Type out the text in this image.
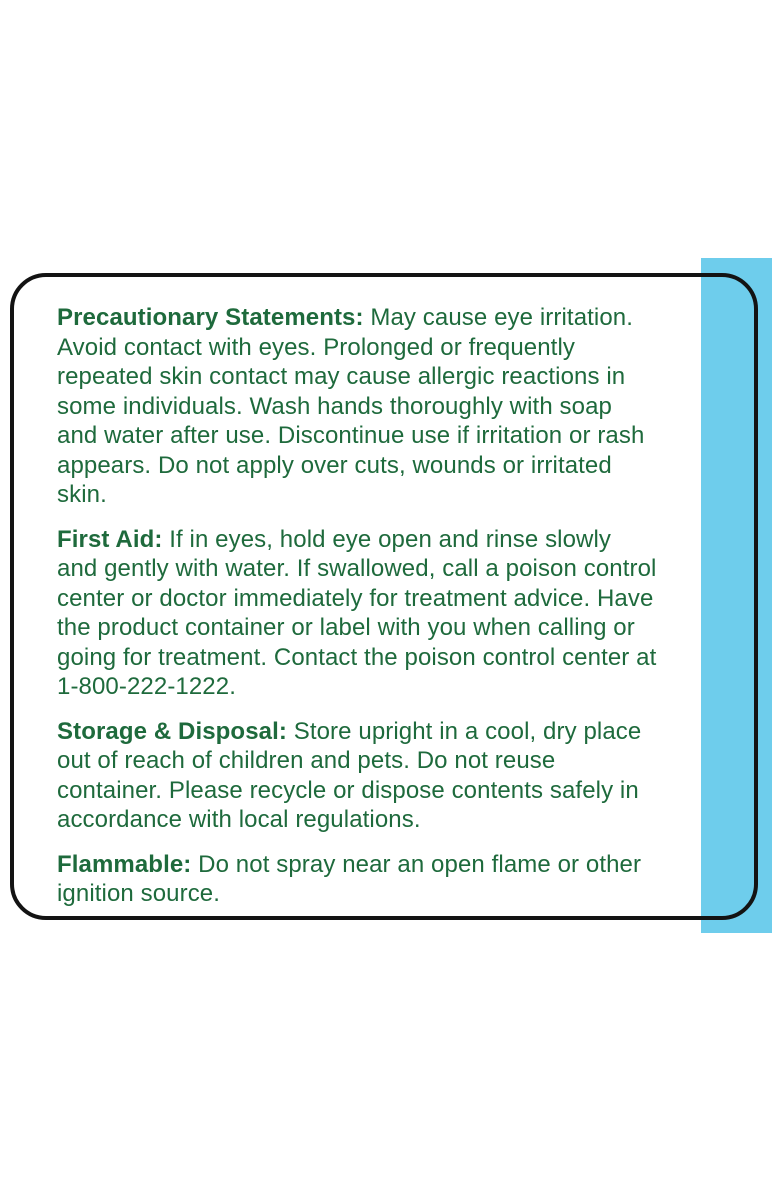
Precautionary Statements: May cause eye irritation. Avoid contact with eyes. Prolonged or frequently repeated skin contact may cause allergic reactions in some individuals. Wash hands thoroughly with soap and water after use. Discontinue use if irritation or rash appears. Do not apply over cuts, wounds or irritated skin.

First Aid: If in eyes, hold eye open and rinse slowly and gently with water. If swallowed, call a poison control center or doctor immediately for treatment advice. Have the product container or label with you when calling or going for treatment. Contact the poison control center at 1-800-222-1222.

Storage & Disposal: Store upright in a cool, dry place out of reach of children and pets. Do not reuse container. Please recycle or dispose contents safely in accordance with local regulations.

Flammable: Do not spray near an open flame or other ignition source.
